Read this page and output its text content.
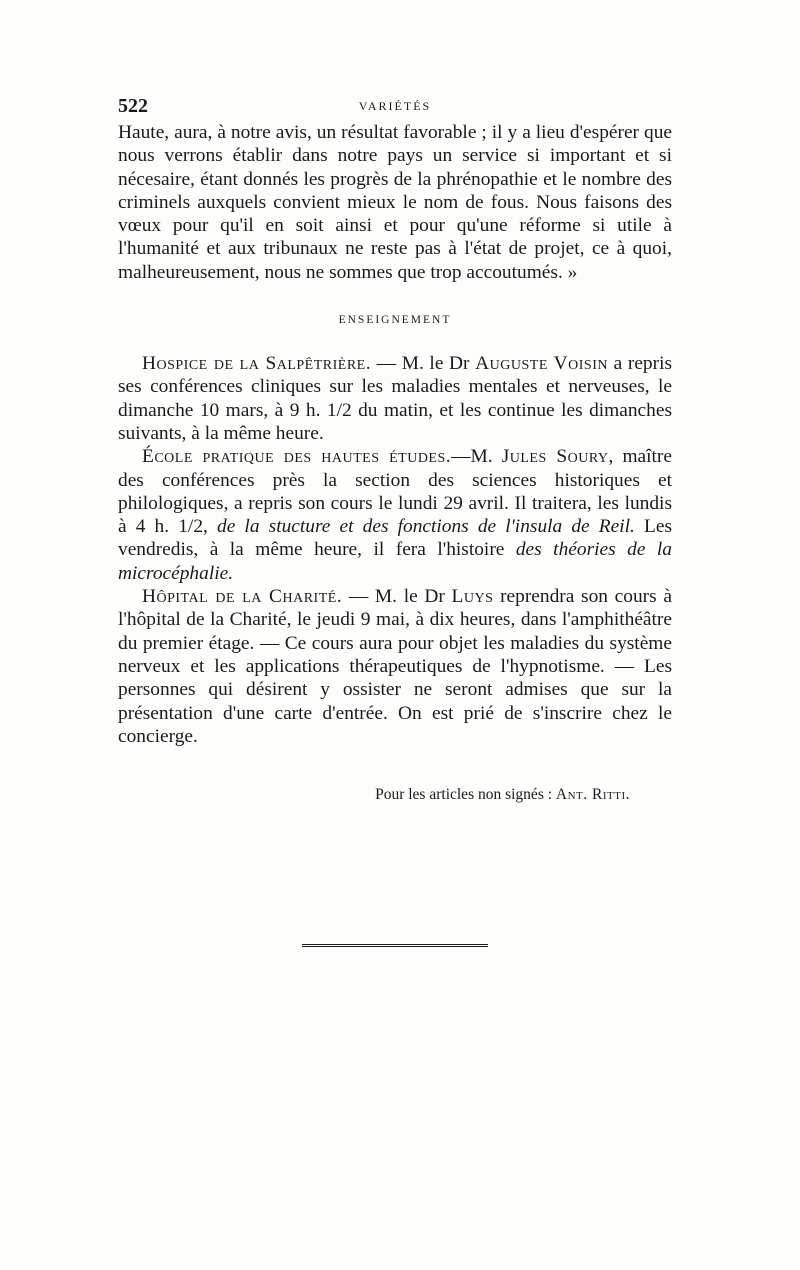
522	VARIÉTÉS

Haute, aura, à notre avis, un résultat favorable ; il y a lieu d'espérer que nous verrons établir dans notre pays un service si important et si nécesaire, étant donnés les progrès de la phrénopathie et le nombre des criminels auxquels convient mieux le nom de fous. Nous faisons des vœux pour qu'il en soit ainsi et pour qu'une réforme si utile à l'humanité et aux tribunaux ne reste pas à l'état de projet, ce à quoi, malheureusement, nous ne sommes que trop accoutumés. »

ENSEIGNEMENT

Hospice de la Salpêtrière. — M. le Dr Auguste Voisin a repris ses conférences cliniques sur les maladies mentales et nerveuses, le dimanche 10 mars, à 9 h. 1/2 du matin, et les continue les dimanches suivants, à la même heure.

École pratique des hautes études.—M. Jules Soury, maître des conférences près la section des sciences historiques et philologiques, a repris son cours le lundi 29 avril. Il traitera, les lundis à 4 h. 1/2, de la stucture et des fonctions de l'insula de Reil. Les vendredis, à la même heure, il fera l'histoire des théories de la microcéphalie.

Hôpital de la Charité. — M. le Dr Luys reprendra son cours à l'hôpital de la Charité, le jeudi 9 mai, à dix heures, dans l'amphithéâtre du premier étage. — Ce cours aura pour objet les maladies du système nerveux et les applications thérapeutiques de l'hypnotisme. — Les personnes qui désirent y ossister ne seront admises que sur la présentation d'une carte d'entrée. On est prié de s'inscrire chez le concierge.

Pour les articles non signés : Ant. Ritti.
